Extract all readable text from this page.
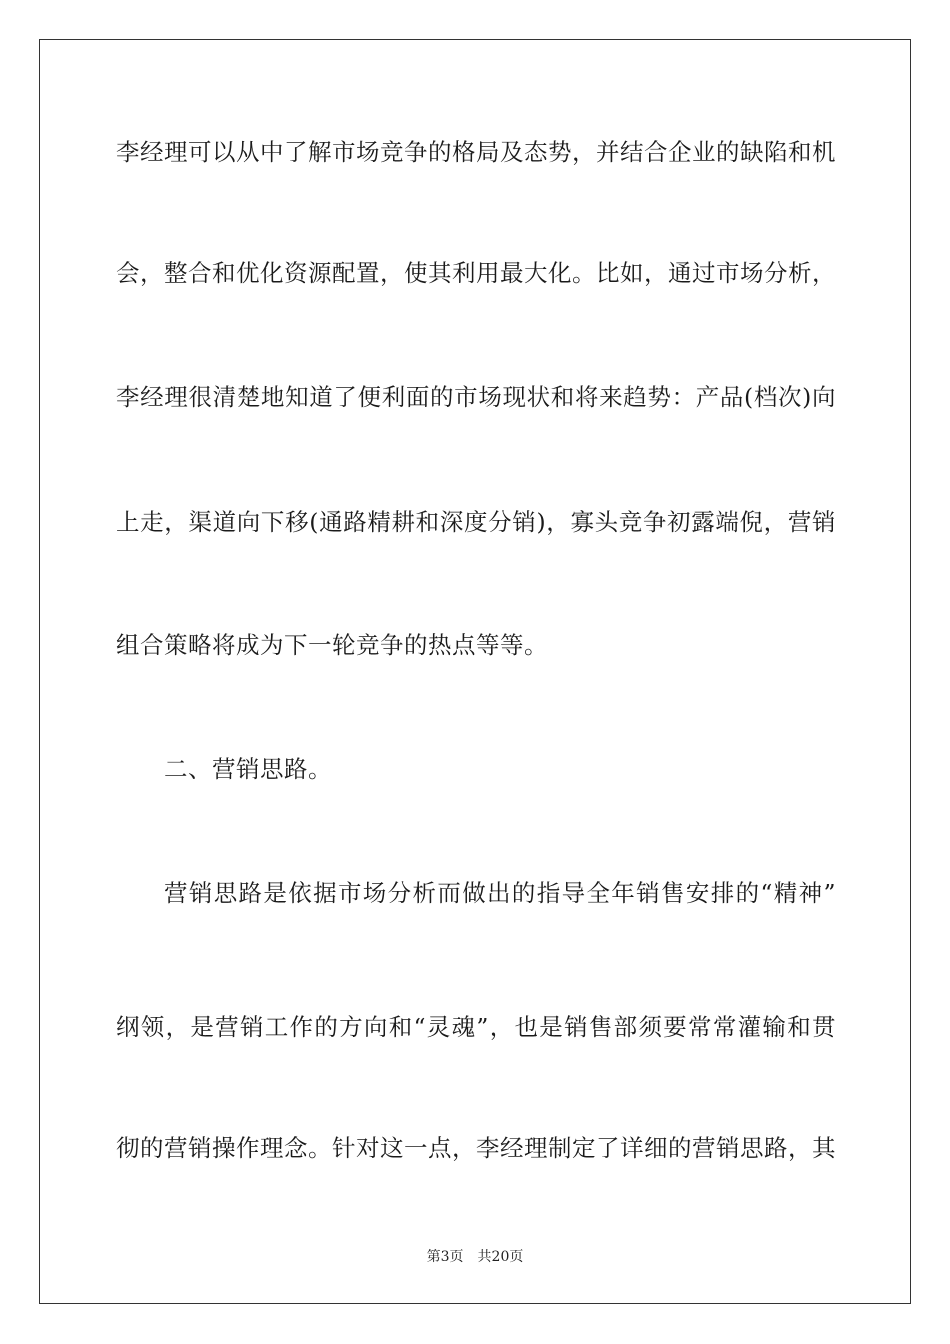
李经理可以从中了解市场竞争的格局及态势，并结合企业的缺陷和机
会，整合和优化资源配置，使其利用最大化。比如，通过市场分析，
李经理很清楚地知道了便利面的市场现状和将来趋势：产品(档次)向
上走，渠道向下移(通路精耕和深度分销)，寡头竞争初露端倪，营销
组合策略将成为下一轮竞争的热点等等。
二、营销思路。
营销思路是依据市场分析而做出的指导全年销售安排的“精神”
纲领，是营销工作的方向和“灵魂”，也是销售部须要常常灌输和贯
彻的营销操作理念。针对这一点，李经理制定了详细的营销思路，其
第3页 共20页
